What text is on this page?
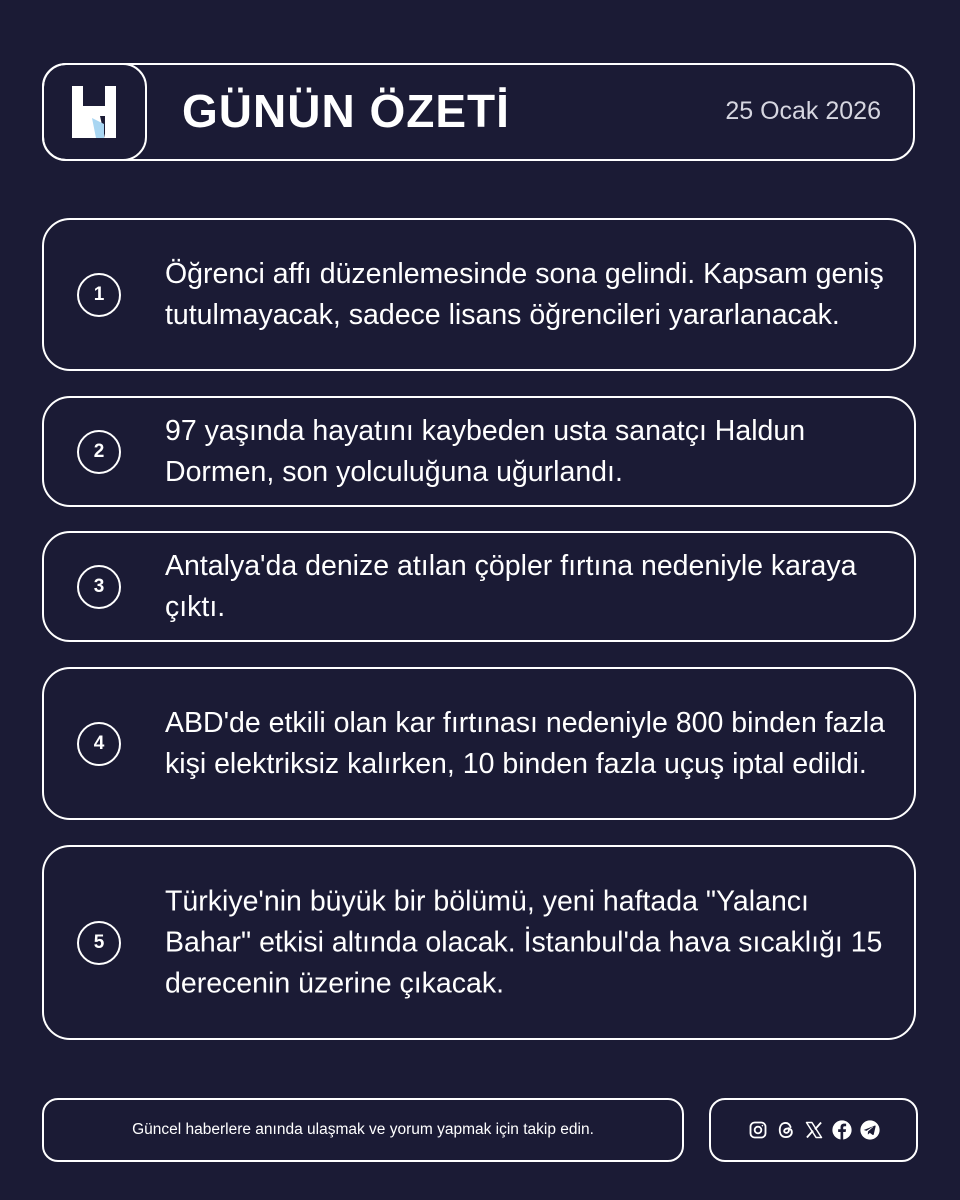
GÜNÜN ÖZETİ	25 Ocak 2026
1
Öğrenci affı düzenlemesinde sona gelindi. Kapsam geniş tutulmayacak, sadece lisans öğrencileri yararlanacak.
2
97 yaşında hayatını kaybeden usta sanatçı Haldun Dormen, son yolculuğuna uğurlandı.
3
Antalya'da denize atılan çöpler fırtına nedeniyle karaya çıktı.
4
ABD'de etkili olan kar fırtınası nedeniyle 800 binden fazla kişi elektriksiz kalırken, 10 binden fazla uçuş iptal edildi.
5
Türkiye'nin büyük bir bölümü, yeni haftada "Yalancı Bahar" etkisi altında olacak. İstanbul'da hava sıcaklığı 15 derecenin üzerine çıkacak.
Güncel haberlere anında ulaşmak ve yorum yapmak için takip edin.
